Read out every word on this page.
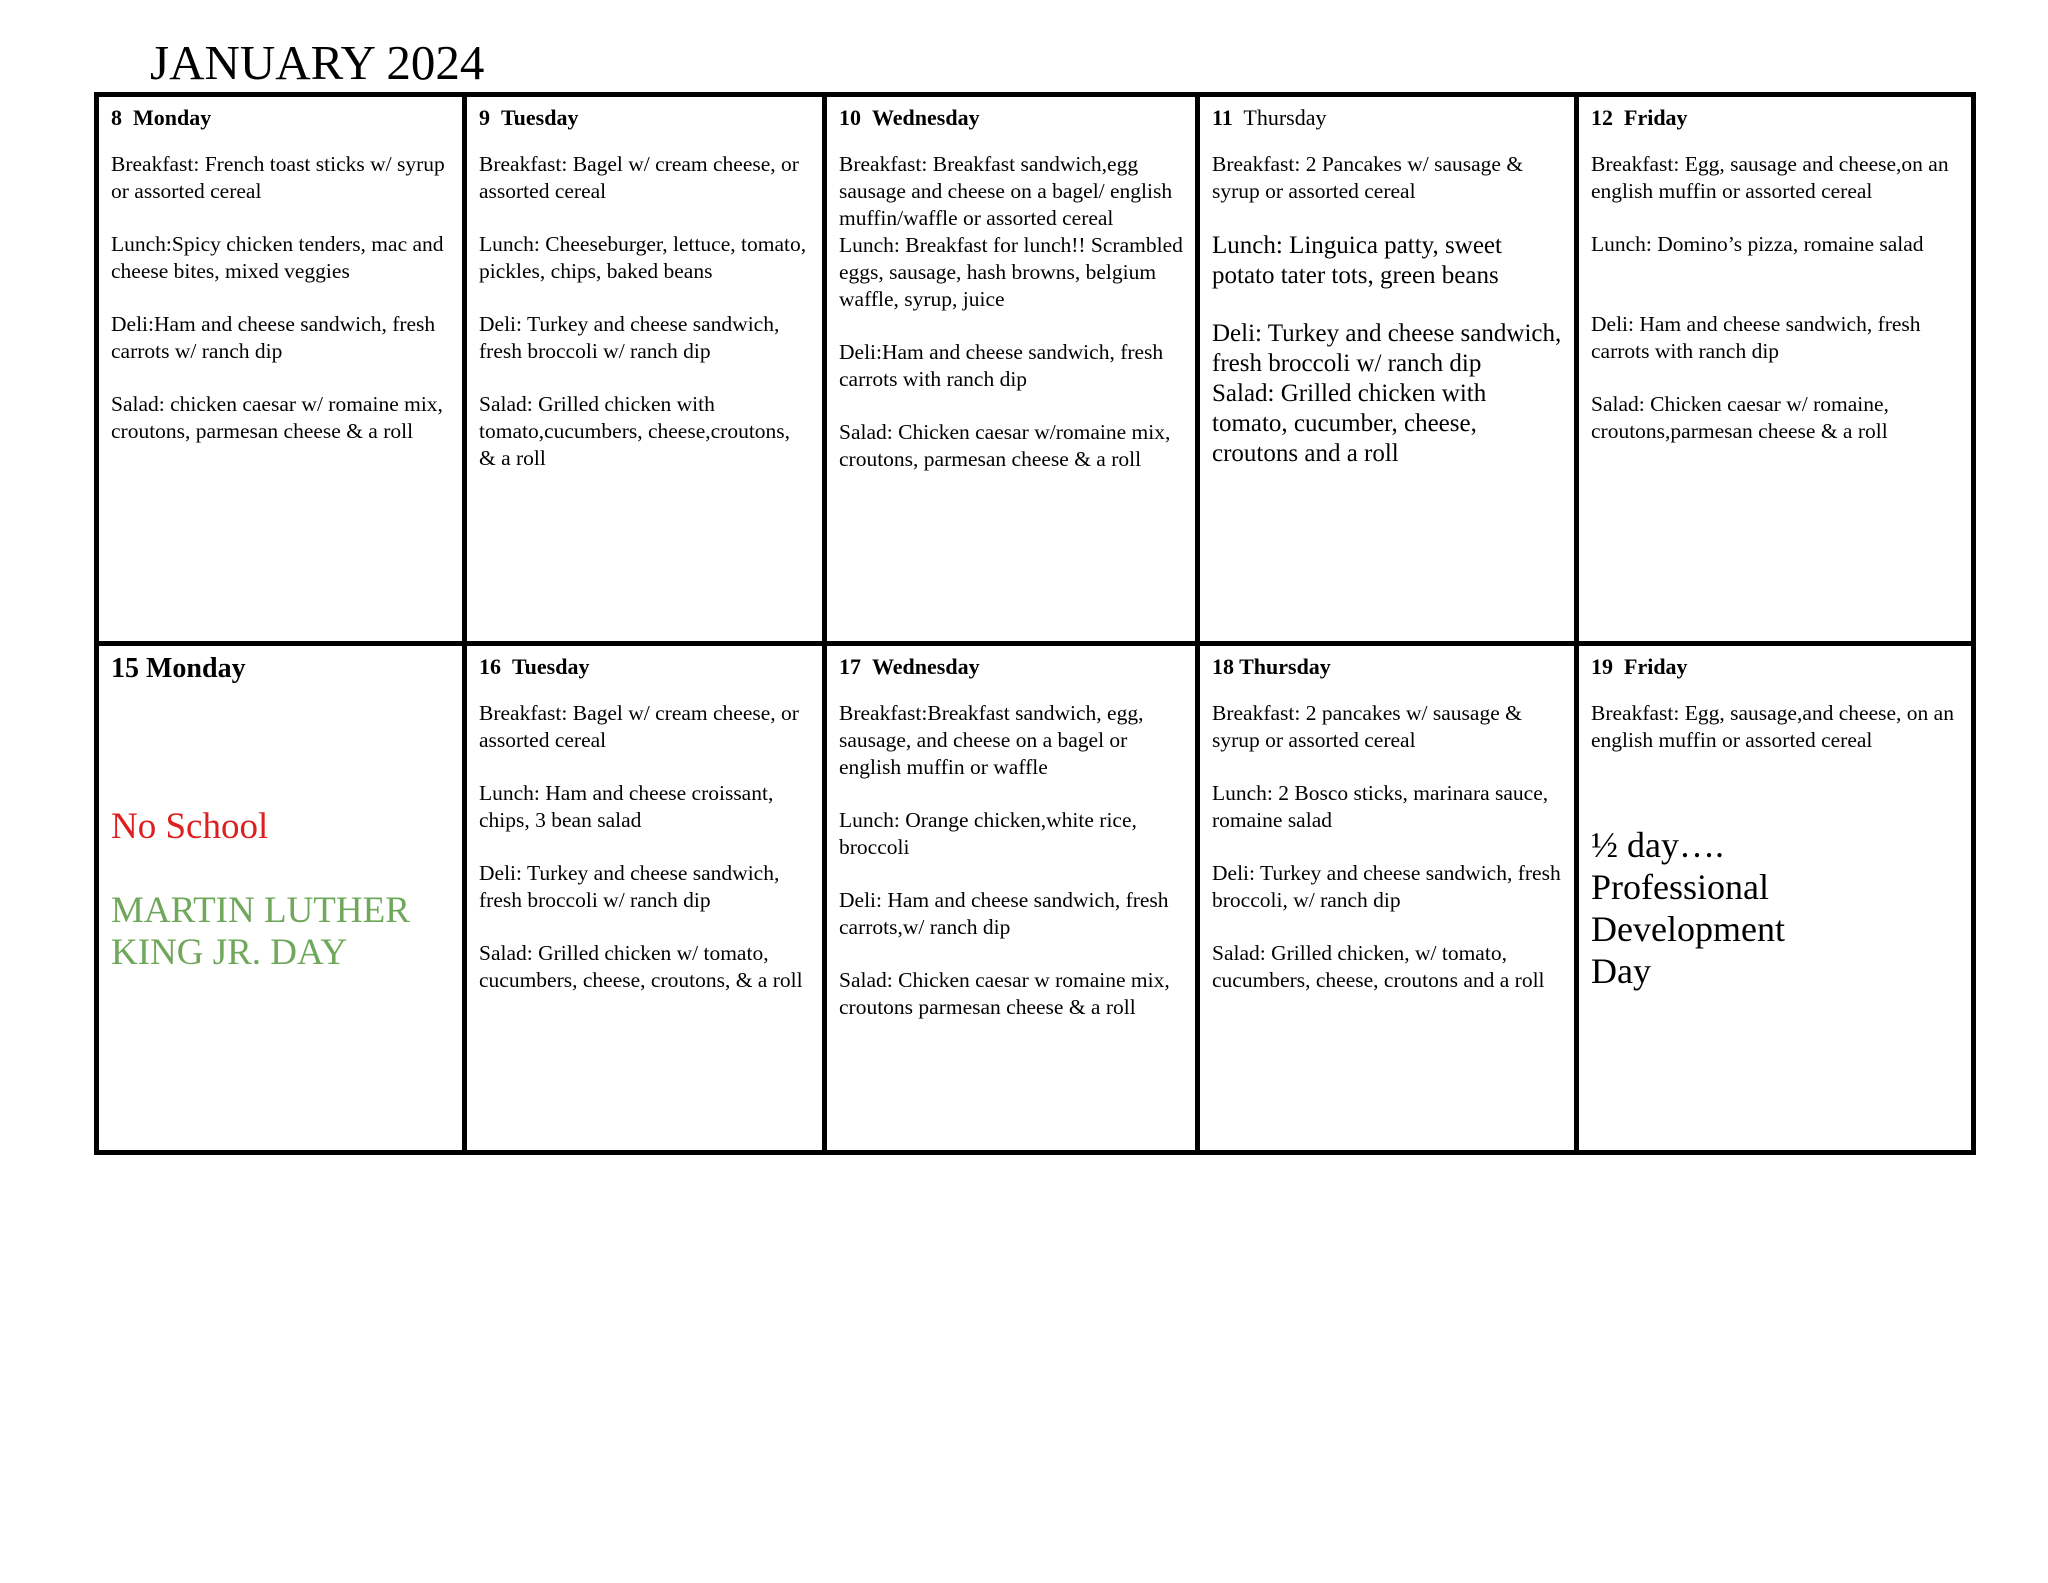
JANUARY 2024
8 Monday

Breakfast: French toast sticks w/ syrup or assorted cereal

Lunch:Spicy chicken tenders, mac and cheese bites, mixed veggies

Deli:Ham and cheese sandwich, fresh carrots w/ ranch dip

Salad: chicken caesar w/ romaine mix, croutons, parmesan cheese & a roll

9 Tuesday

Breakfast: Bagel w/ cream cheese, or assorted cereal

Lunch: Cheeseburger, lettuce, tomato, pickles, chips, baked beans

Deli: Turkey and cheese sandwich, fresh broccoli w/ ranch dip

Salad: Grilled chicken with tomato,cucumbers, cheese,croutons, & a roll

10 Wednesday

Breakfast: Breakfast sandwich,egg sausage and cheese on a bagel/ english muffin/waffle or assorted cereal

Lunch: Breakfast for lunch!! Scrambled eggs, sausage, hash browns, belgium waffle, syrup, juice

Deli:Ham and cheese sandwich, fresh carrots with ranch dip

Salad: Chicken caesar w/romaine mix, croutons, parmesan cheese & a roll

11 Thursday

Breakfast: 2 Pancakes w/ sausage & syrup or assorted cereal

Lunch: Linguica patty, sweet potato tater tots, green beans

Deli: Turkey and cheese sandwich, fresh broccoli w/ ranch dip

Salad: Grilled chicken with tomato, cucumber, cheese, croutons and a roll

12 Friday

Breakfast: Egg, sausage and cheese,on an english muffin or assorted cereal

Lunch: Domino’s pizza, romaine salad

Deli: Ham and cheese sandwich, fresh carrots with ranch dip

Salad: Chicken caesar w/ romaine, croutons,parmesan cheese & a roll

15 Monday
No School
MARTIN LUTHER
KING JR. DAY
16 Tuesday

Breakfast: Bagel w/ cream cheese, or assorted cereal

Lunch: Ham and cheese croissant, chips, 3 bean salad

Deli: Turkey and cheese sandwich, fresh broccoli w/ ranch dip

Salad: Grilled chicken w/ tomato, cucumbers, cheese, croutons, & a roll

17 Wednesday

Breakfast:Breakfast sandwich, egg, sausage, and cheese on a bagel or english muffin or waffle

Lunch: Orange chicken,white rice, broccoli

Deli: Ham and cheese sandwich, fresh carrots,w/ ranch dip

Salad: Chicken caesar w romaine mix, croutons parmesan cheese & a roll

18 Thursday

Breakfast: 2 pancakes w/ sausage & syrup or assorted cereal

Lunch: 2 Bosco sticks, marinara sauce, romaine salad

Deli: Turkey and cheese sandwich, fresh broccoli, w/ ranch dip

Salad: Grilled chicken, w/ tomato, cucumbers, cheese, croutons and a roll

19 Friday

Breakfast: Egg, sausage,and cheese, on an english muffin or assorted cereal

½ day….
Professional
Development
Day
